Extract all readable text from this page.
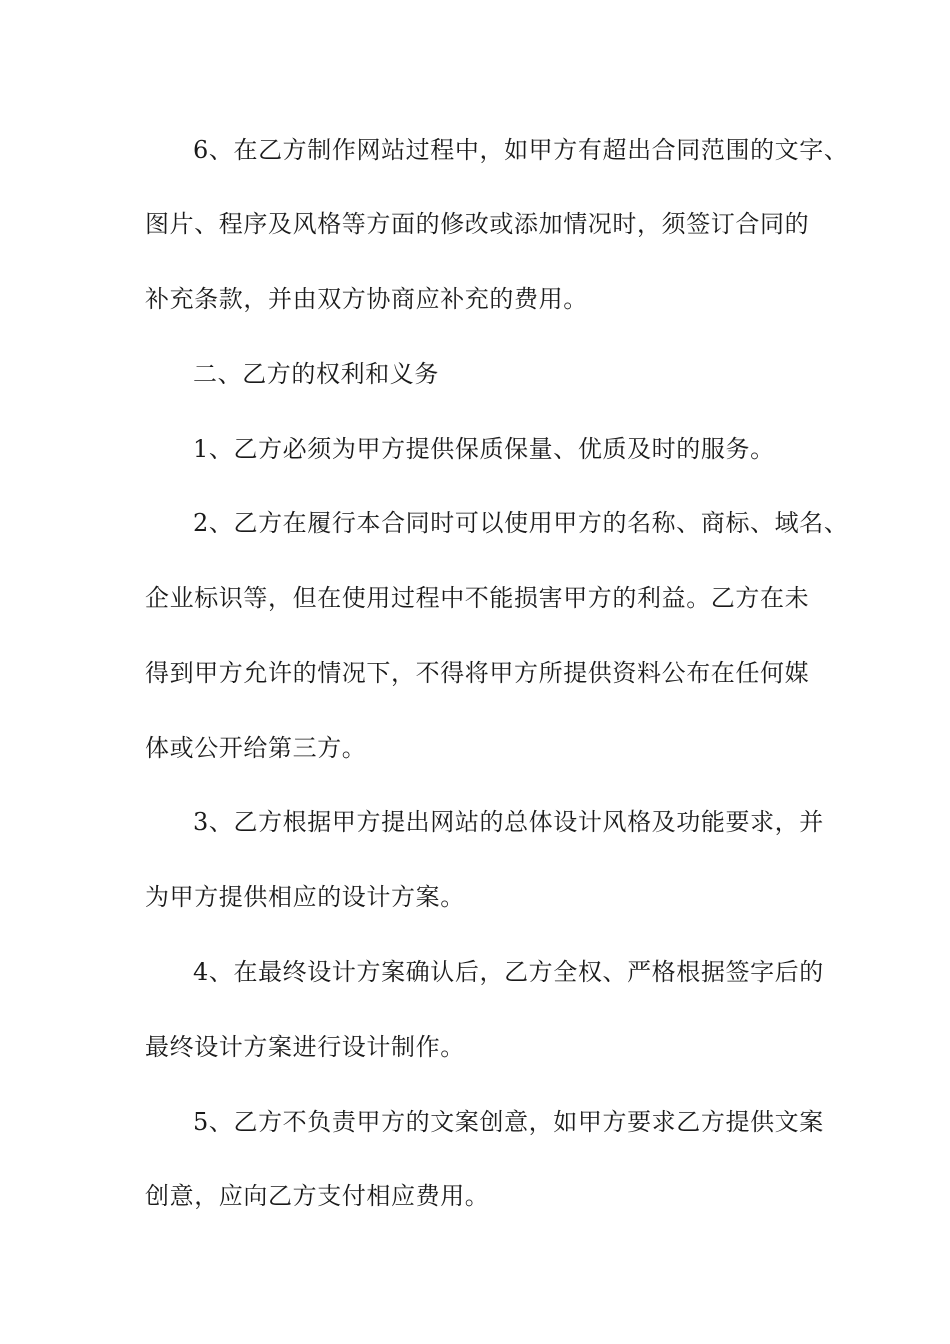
6、在乙方制作网站过程中，如甲方有超出合同范围的文字、
图片、程序及风格等方面的修改或添加情况时，须签订合同的
补充条款，并由双方协商应补充的费用。
二、乙方的权利和义务
1、乙方必须为甲方提供保质保量、优质及时的服务。
2、乙方在履行本合同时可以使用甲方的名称、商标、域名、
企业标识等，但在使用过程中不能损害甲方的利益。乙方在未
得到甲方允许的情况下，不得将甲方所提供资料公布在任何媒
体或公开给第三方。
3、乙方根据甲方提出网站的总体设计风格及功能要求，并
为甲方提供相应的设计方案。
4、在最终设计方案确认后，乙方全权、严格根据签字后的
最终设计方案进行设计制作。
5、乙方不负责甲方的文案创意，如甲方要求乙方提供文案
创意，应向乙方支付相应费用。
